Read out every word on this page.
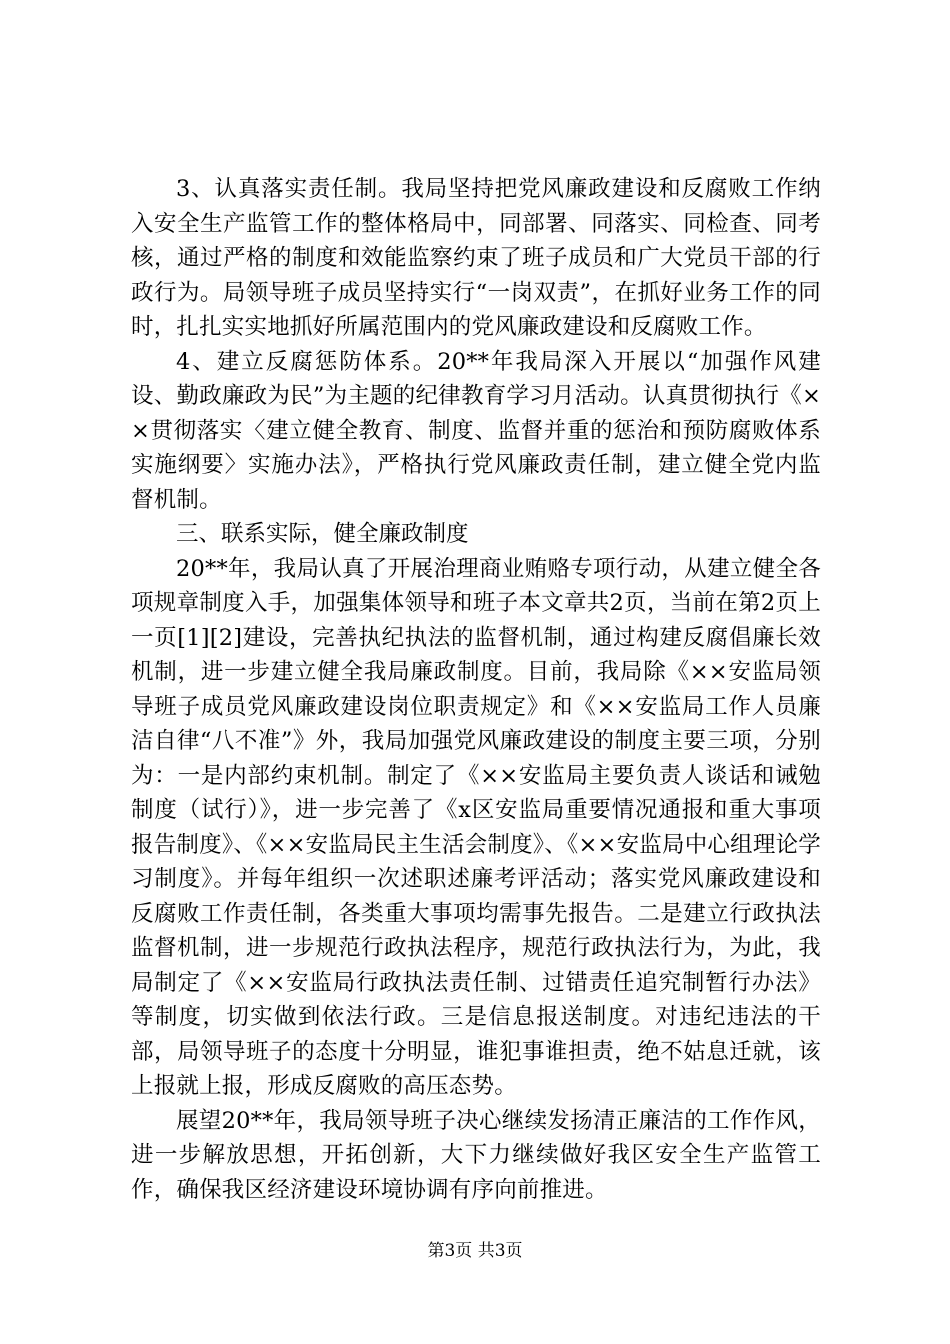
3、认真落实责任制。我局坚持把党风廉政建设和反腐败工作纳入安全生产监管工作的整体格局中，同部署、同落实、同检查、同考核，通过严格的制度和效能监察约束了班子成员和广大党员干部的行政行为。局领导班子成员坚持实行“一岗双责”，在抓好业务工作的同时，扎扎实实地抓好所属范围内的党风廉政建设和反腐败工作。

4、建立反腐惩防体系。20**年我局深入开展以“加强作风建设、勤政廉政为民”为主题的纪律教育学习月活动。认真贯彻执行《××贯彻落实〈建立健全教育、制度、监督并重的惩治和预防腐败体系实施纲要〉实施办法》，严格执行党风廉政责任制，建立健全党内监督机制。

三、联系实际，健全廉政制度

20**年，我局认真了开展治理商业贿赂专项行动，从建立健全各项规章制度入手，加强集体领导和班子本文章共2页，当前在第2页上一页[1][2]建设，完善执纪执法的监督机制，通过构建反腐倡廉长效机制，进一步建立健全我局廉政制度。目前，我局除《××安监局领导班子成员党风廉政建设岗位职责规定》和《××安监局工作人员廉洁自律“八不准”》外，我局加强党风廉政建设的制度主要三项，分别为：一是内部约束机制。制定了《××安监局主要负责人谈话和诫勉制度（试行）》，进一步完善了《x区安监局重要情况通报和重大事项报告制度》、《××安监局民主生活会制度》、《××安监局中心组理论学习制度》。并每年组织一次述职述廉考评活动；落实党风廉政建设和反腐败工作责任制，各类重大事项均需事先报告。二是建立行政执法监督机制，进一步规范行政执法程序，规范行政执法行为，为此，我局制定了《××安监局行政执法责任制、过错责任追究制暂行办法》等制度，切实做到依法行政。三是信息报送制度。对违纪违法的干部，局领导班子的态度十分明显，谁犯事谁担责，绝不姑息迁就，该上报就上报，形成反腐败的高压态势。

展望20**年，我局领导班子决心继续发扬清正廉洁的工作作风，进一步解放思想，开拓创新，大下力继续做好我区安全生产监管工作，确保我区经济建设环境协调有序向前推进。

第3页 共3页
